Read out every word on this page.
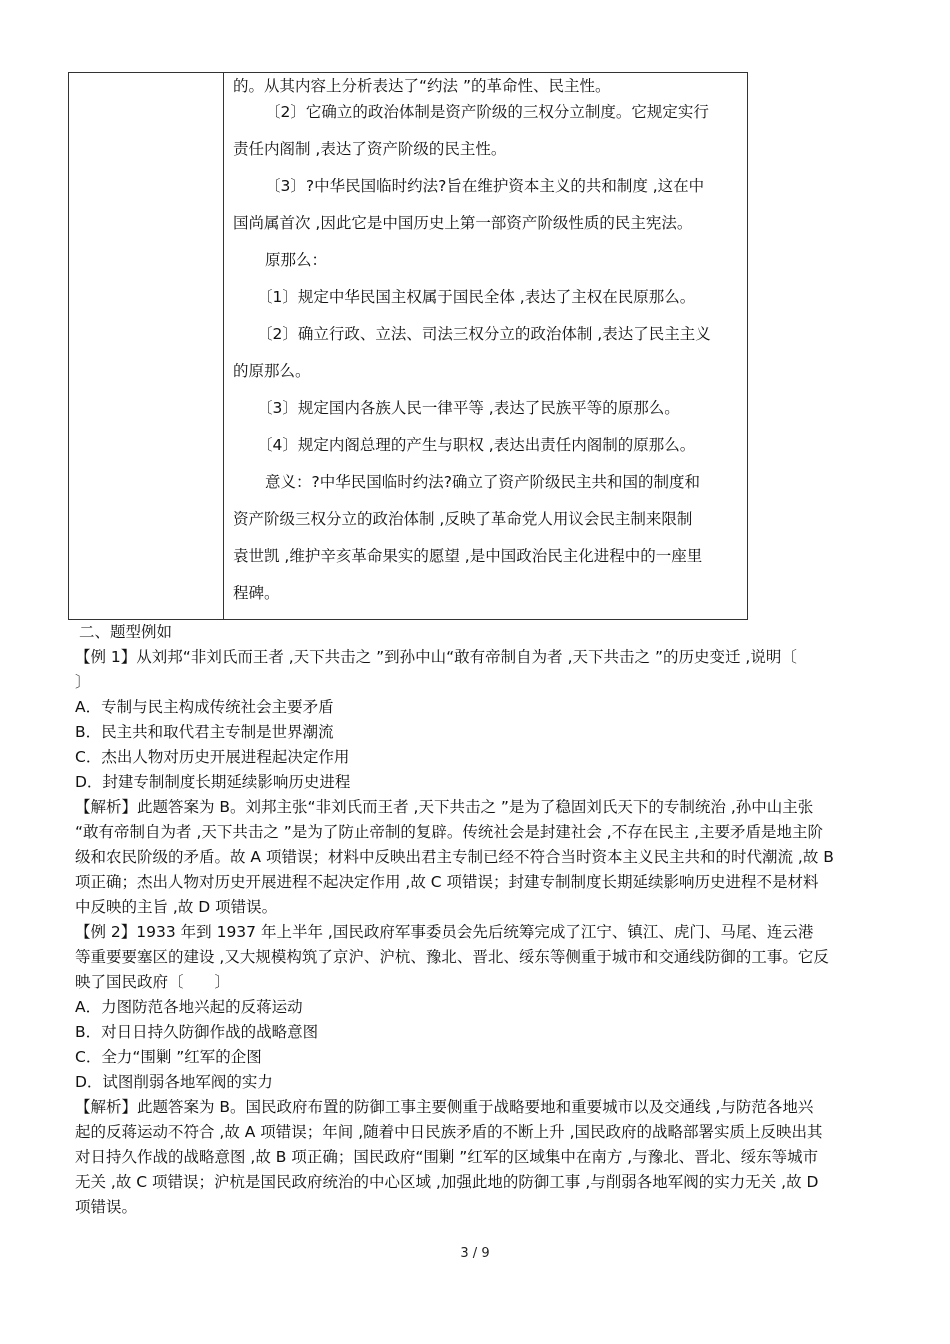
的。从其内容上分析表达了“约法 ”的革命性、民主性。
〔2〕它确立的政治体制是资产阶级的三权分立制度。它规定实行
责任内阁制 ,表达了资产阶级的民主性。
〔3〕?中华民国临时约法?旨在维护资本主义的共和制度 ,这在中
国尚属首次 ,因此它是中国历史上第一部资产阶级性质的民主宪法。
原那么：
〔1〕规定中华民国主权属于国民全体 ,表达了主权在民原那么。
〔2〕确立行政、立法、司法三权分立的政治体制 ,表达了民主主义
的原那么。
〔3〕规定国内各族人民一律平等 ,表达了民族平等的原那么。
〔4〕规定内阁总理的产生与职权 ,表达出责任内阁制的原那么。
意义：?中华民国临时约法?确立了资产阶级民主共和国的制度和
资产阶级三权分立的政治体制 ,反映了革命党人用议会民主制来限制
袁世凯 ,维护辛亥革命果实的愿望 ,是中国政治民主化进程中的一座里
程碑。
二、题型例如
【例 1】从刘邦“非刘氏而王者 ,天下共击之 ”到孙中山“敢有帝制自为者 ,天下共击之 ”的历史变迁 ,说明〔
〕
A．专制与民主构成传统社会主要矛盾
B．民主共和取代君主专制是世界潮流
C．杰出人物对历史开展进程起决定作用
D．封建专制制度长期延续影响历史进程
【解析】此题答案为 B。刘邦主张“非刘氏而王者 ,天下共击之 ”是为了稳固刘氏天下的专制统治 ,孙中山主张
“敢有帝制自为者 ,天下共击之 ”是为了防止帝制的复辟。传统社会是封建社会 ,不存在民主 ,主要矛盾是地主阶
级和农民阶级的矛盾。故 A 项错误；材料中反映出君主专制已经不符合当时资本主义民主共和的时代潮流 ,故 B
项正确；杰出人物对历史开展进程不起决定作用 ,故 C 项错误；封建专制制度长期延续影响历史进程不是材料
中反映的主旨 ,故 D 项错误。
【例 2】1933 年到 1937 年上半年 ,国民政府军事委员会先后统筹完成了江宁、镇江、虎门、马尾、连云港
等重要要塞区的建设 ,又大规模构筑了京沪、沪杭、豫北、晋北、绥东等侧重于城市和交通线防御的工事。它反
映了国民政府〔　　〕
A．力图防范各地兴起的反蒋运动
B．对日日持久防御作战的战略意图
C．全力“围剿 ”红军的企图
D．试图削弱各地军阀的实力
【解析】此题答案为 B。国民政府布置的防御工事主要侧重于战略要地和重要城市以及交通线 ,与防范各地兴
起的反蒋运动不符合 ,故 A 项错误；年间 ,随着中日民族矛盾的不断上升 ,国民政府的战略部署实质上反映出其
对日持久作战的战略意图 ,故 B 项正确；国民政府“围剿 ”红军的区域集中在南方 ,与豫北、晋北、绥东等城市
无关 ,故 C 项错误；沪杭是国民政府统治的中心区域 ,加强此地的防御工事 ,与削弱各地军阀的实力无关 ,故 D
项错误。
3 / 9
